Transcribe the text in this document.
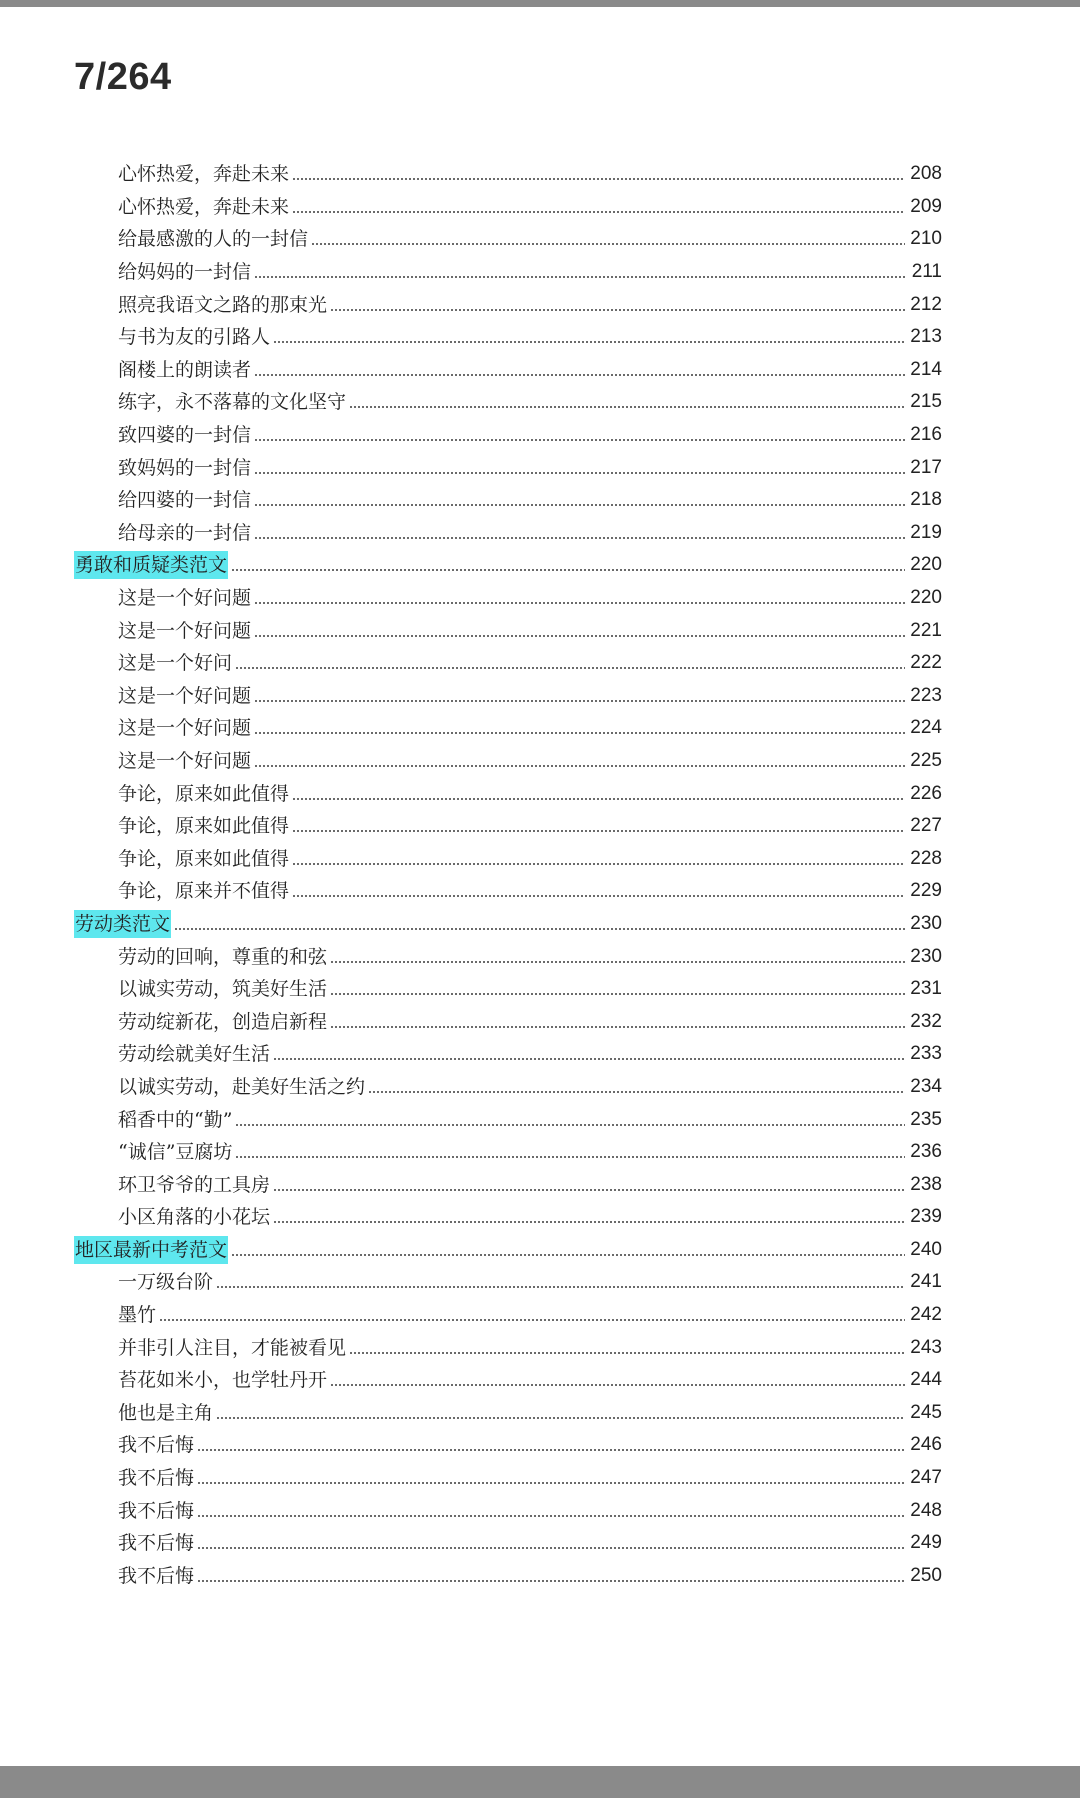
7/264
心怀热爱，奔赴未来	208
心怀热爱，奔赴未来	209
给最感激的人的一封信	210
给妈妈的一封信	211
照亮我语文之路的那束光	212
与书为友的引路人	213
阁楼上的朗读者	214
练字，永不落幕的文化坚守	215
致四婆的一封信	216
致妈妈的一封信	217
给四婆的一封信	218
给母亲的一封信	219
勇敢和质疑类范文	220
这是一个好问题	220
这是一个好问题	221
这是一个好问	222
这是一个好问题	223
这是一个好问题	224
这是一个好问题	225
争论，原来如此值得	226
争论，原来如此值得	227
争论，原来如此值得	228
争论，原来并不值得	229
劳动类范文	230
劳动的回响，尊重的和弦	230
以诚实劳动，筑美好生活	231
劳动绽新花，创造启新程	232
劳动绘就美好生活	233
以诚实劳动，赴美好生活之约	234
稻香中的“勤”	235
“诚信”豆腐坊	236
环卫爷爷的工具房	238
小区角落的小花坛	239
地区最新中考范文	240
一万级台阶	241
墨竹	242
并非引人注目，才能被看见	243
苔花如米小，也学牡丹开	244
他也是主角	245
我不后悔	246
我不后悔	247
我不后悔	248
我不后悔	249
我不后悔	250
